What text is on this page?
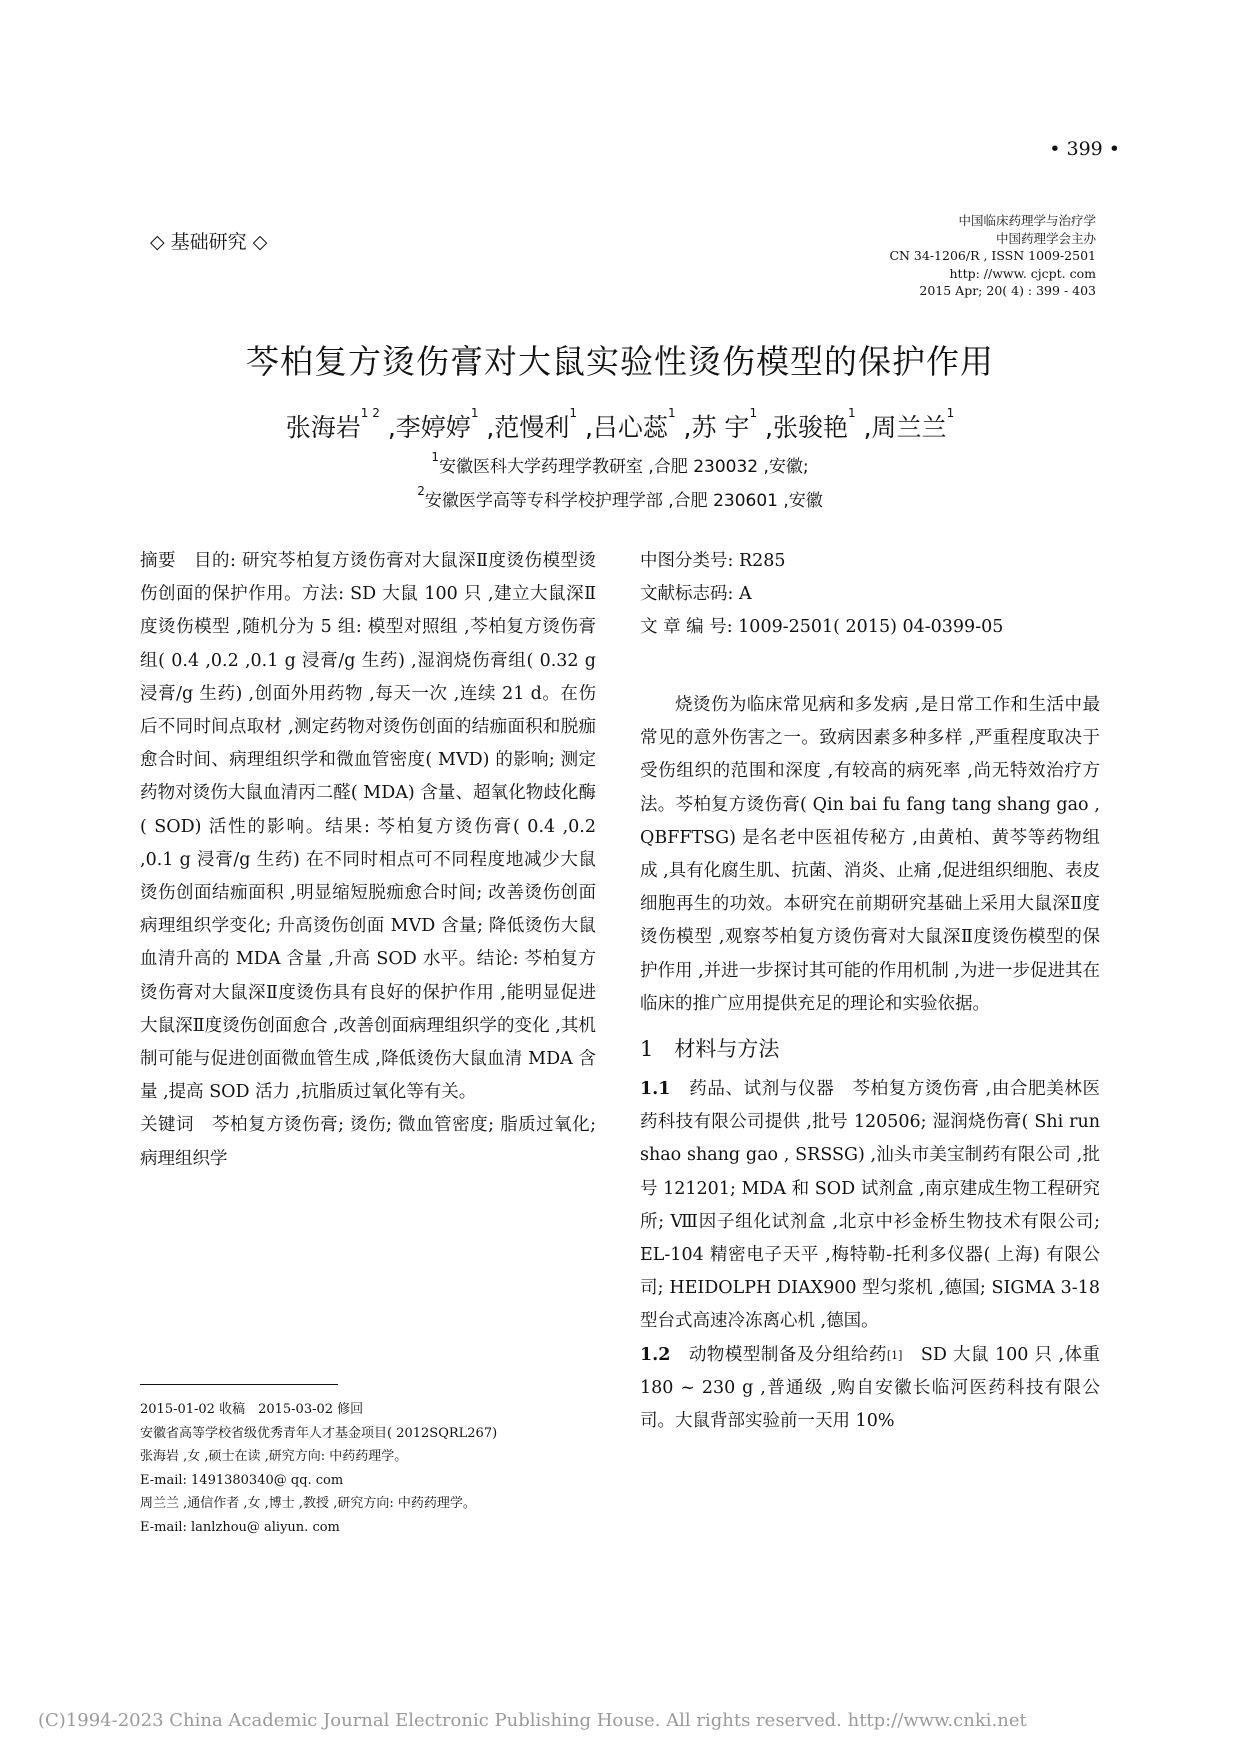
• 399 •
◇ 基础研究 ◇
中国临床药理学与治疗学
中国药理学会主办
CN 34-1206/R , ISSN 1009-2501
http: //www. cjcpt. com
2015 Apr; 20( 4) : 399 - 403
芩柏复方烫伤膏对大鼠实验性烫伤模型的保护作用
张海岩$^{1 2}$ ,李婷婷$^1$ ,范慢利$^1$ ,吕心蕊$^1$ ,苏 宇$^1$ ,张骏艳$^1$ ,周兰兰$^1$
$^1$安徽医科大学药理学教研室 ,合肥 230032 ,安徽;
$^2$安徽医学高等专科学校护理学部 ,合肥 230601 ,安徽

摘要　 目的: 研究芩柏复方烫伤膏对大鼠深Ⅱ度烫伤模型烫伤创面的保护作用。方法: SD 大鼠 100 只 ,建立大鼠深Ⅱ度烫伤模型 ,随机分为 5 组: 模型对照组 ,芩柏复方烫伤膏组( 0.4 ,0.2 ,0.1 g 浸膏/g 生药) ,湿润烧伤膏组( 0.32 g 浸膏/g 生药) ,创面外用药物 ,每天一次 ,连续 21 d。在伤后不同时间点取材 ,测定药物对烫伤创面的结痂面积和脱痂愈合时间、病理组织学和微血管密度( MVD) 的影响; 测定药物对烫伤大鼠血清丙二醛( MDA) 含量、超氧化物歧化酶( SOD) 活性的影响。结果: 芩柏复方烫伤膏( 0.4 ,0.2 ,0.1 g 浸膏/g 生药) 在不同时相点可不同程度地减少大鼠烫伤创面结痂面积 ,明显缩短脱痂愈合时间; 改善烫伤创面病理组织学变化; 升高烫伤创面 MVD 含量; 降低烫伤大鼠血清升高的 MDA 含量 ,升高 SOD 水平。结论: 芩柏复方烫伤膏对大鼠深Ⅱ度烫伤具有良好的保护作用 ,能明显促进大鼠深Ⅱ度烫伤创面愈合 ,改善创面病理组织学的变化 ,其机制可能与促进创面微血管生成 ,降低烫伤大鼠血清 MDA 含量 ,提高 SOD 活力 ,抗脂质过氧化等有关。

关键词　 芩柏复方烫伤膏; 烫伤; 微血管密度; 脂质过氧化; 病理组织学

中图分类号: R285
文献标志码: A
文 章 编 号: 1009-2501( 2015) 04-0399-05

烧烫伤为临床常见病和多发病 ,是日常工作和生活中最常见的意外伤害之一。致病因素多种多样 ,严重程度取决于受伤组织的范围和深度 ,有较高的病死率 ,尚无特效治疗方法。芩柏复方烫伤膏( Qin bai fu fang tang shang gao , QBFFTSG) 是名老中医祖传秘方 ,由黄柏、黄芩等药物组成 ,具有化腐生肌、抗菌、消炎、止痛 ,促进组织细胞、表皮细胞再生的功效。本研究在前期研究基础上采用大鼠深Ⅱ度烫伤模型 ,观察芩柏复方烫伤膏对大鼠深Ⅱ度烫伤模型的保护作用 ,并进一步探讨其可能的作用机制 ,为进一步促进其在临床的推广应用提供充足的理论和实验依据。

1　 材料与方法

1.1　 药品、试剂与仪器　 芩柏复方烫伤膏 ,由合肥美林医药科技有限公司提供 ,批号 120506; 湿润烧伤膏( Shi run shao shang gao , SRSSG) ,汕头市美宝制药有限公司 ,批号 121201; MDA 和 SOD 试剂盒 ,南京建成生物工程研究所; Ⅷ因子组化试剂盒 ,北京中衫金桥生物技术有限公司; EL-104 精密电子天平 ,梅特勒-托利多仪器( 上海) 有限公司; HEIDOLPH DIAX900 型匀浆机 ,德国; SIGMA 3-18 型台式高速冷冻离心机 ,德国。

1.2　 动物模型制备及分组给药[1]　 SD 大鼠 100 只 ,体重 180 ~ 230 g ,普通级 ,购自安徽长临河医药科技有限公司。大鼠背部实验前一天用 10%

2015-01-02 收稿　2015-03-02 修回
安徽省高等学校省级优秀青年人才基金项目( 2012SQRL267)
张海岩 ,女 ,硕士在读 ,研究方向: 中药药理学。
E-mail: 1491380340@ qq. com
周兰兰 ,通信作者 ,女 ,博士 ,教授 ,研究方向: 中药药理学。
E-mail: lanlzhou@ aliyun. com
(C)1994-2023 China Academic Journal Electronic Publishing House. All rights reserved. http://www.cnki.net
